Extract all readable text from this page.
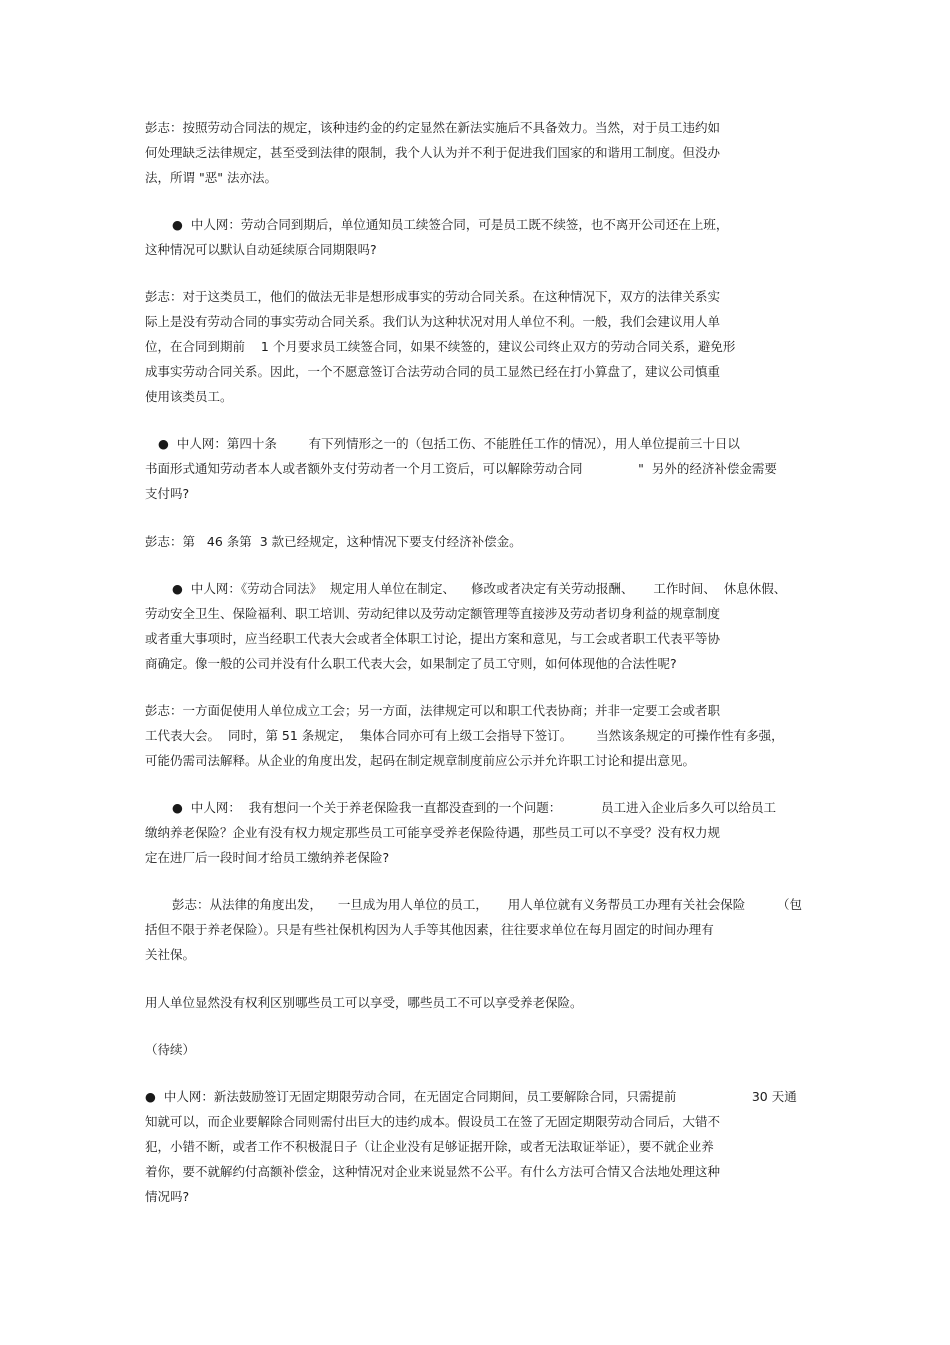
彭志：按照劳动合同法的规定，该种违约金的约定显然在新法实施后不具备效力。当然，对于员工违约如
何处理缺乏法律规定，甚至受到法律的限制，我个人认为并不利于促进我们国家的和谐用工制度。但没办
法，所谓 "恶" 法亦法。
●  中人网：劳动合同到期后，单位通知员工续签合同，可是员工既不续签，也不离开公司还在上班，
这种情况可以默认自动延续原合同期限吗?
彭志：对于这类员工，他们的做法无非是想形成事实的劳动合同关系。在这种情况下，双方的法律关系实
际上是没有劳动合同的事实劳动合同关系。我们认为这种状况对用人单位不利。一般，我们会建议用人单
位，在合同到期前    1 个月要求员工续签合同，如果不续签的，建议公司终止双方的劳动合同关系，避免形
成事实劳动合同关系。因此，一个不愿意签订合法劳动合同的员工显然已经在打小算盘了，建议公司慎重
使用该类员工。
●  中人网：第四十条        有下列情形之一的（包括工伤、不能胜任工作的情况），用人单位提前三十日以
书面形式通知劳动者本人或者额外支付劳动者一个月工资后，可以解除劳动合同              "  另外的经济补偿金需要
支付吗?
彭志：第   46 条第  3 款已经规定，这种情况下要支付经济补偿金。
●  中人网：《劳动合同法》  规定用人单位在制定、    修改或者决定有关劳动报酬、     工作时间、  休息休假、
劳动安全卫生、保险福利、职工培训、劳动纪律以及劳动定额管理等直接涉及劳动者切身利益的规章制度
或者重大事项时，应当经职工代表大会或者全体职工讨论，提出方案和意见，与工会或者职工代表平等协
商确定。像一般的公司并没有什么职工代表大会，如果制定了员工守则，如何体现他的合法性呢?
彭志：一方面促使用人单位成立工会；另一方面，法律规定可以和职工代表协商；并非一定要工会或者职
工代表大会。  同时，第 51 条规定，  集体合同亦可有上级工会指导下签订。      当然该条规定的可操作性有多强，
可能仍需司法解释。从企业的角度出发，起码在制定规章制度前应公示并允许职工讨论和提出意见。
●  中人网：  我有想问一个关于养老保险我一直都没查到的一个问题：          员工进入企业后多久可以给员工
缴纳养老保险？企业有没有权力规定那些员工可能享受养老保险待遇，那些员工可以不享受？没有权力规
定在进厂后一段时间才给员工缴纳养老保险?
彭志：从法律的角度出发，    一旦成为用人单位的员工，     用人单位就有义务帮员工办理有关社会保险        （包
括但不限于养老保险）。只是有些社保机构因为人手等其他因素，往往要求单位在每月固定的时间办理有
关社保。
用人单位显然没有权利区别哪些员工可以享受，哪些员工不可以享受养老保险。
（待续）
●  中人网：新法鼓励签订无固定期限劳动合同，在无固定合同期间，员工要解除合同，只需提前                   30 天通
知就可以，而企业要解除合同则需付出巨大的违约成本。假设员工在签了无固定期限劳动合同后，大错不
犯，小错不断，或者工作不积极混日子（让企业没有足够证据开除，或者无法取证举证），要不就企业养
着你，要不就解约付高额补偿金，这种情况对企业来说显然不公平。有什么方法可合情又合法地处理这种
情况吗?
